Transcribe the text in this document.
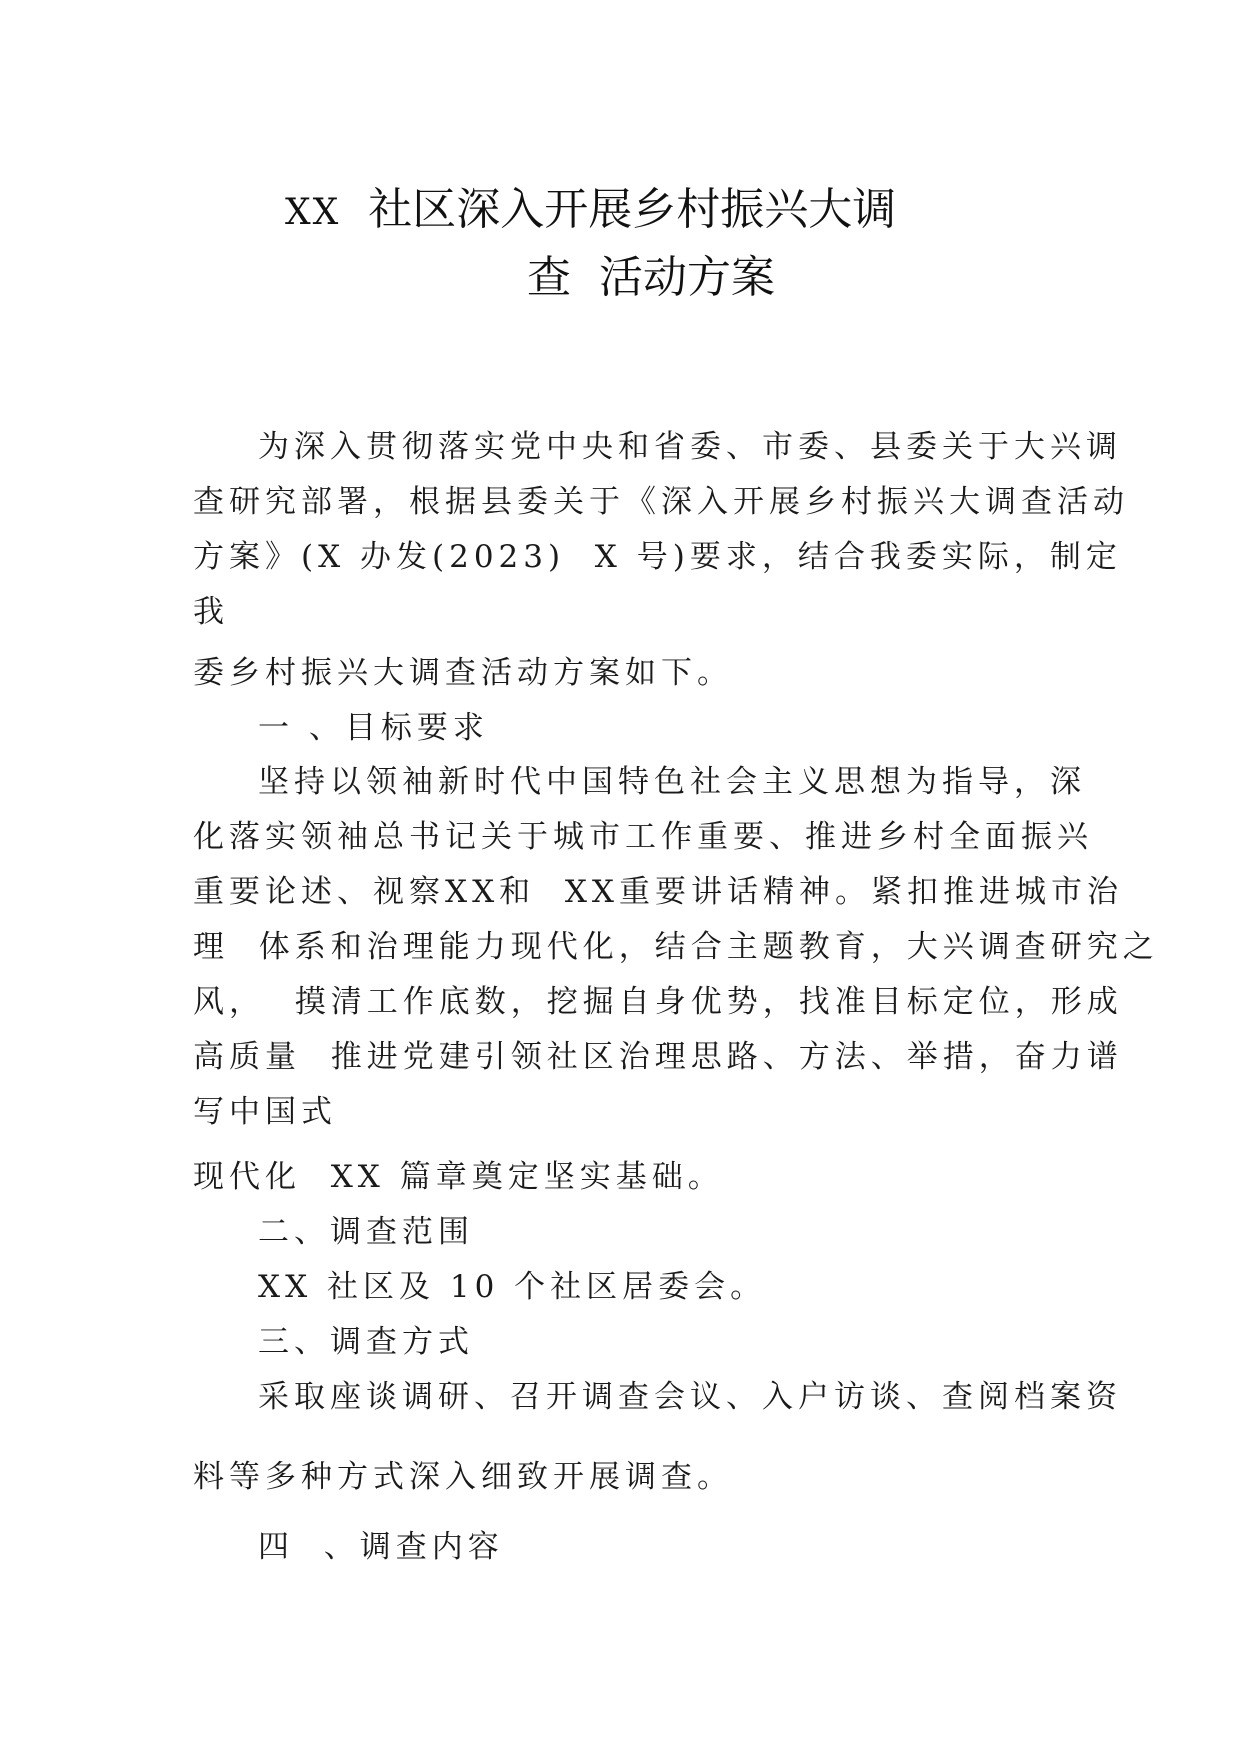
XX  社区深入开展乡村振兴大调
查  活动方案
为深入贯彻落实党中央和省委、市委、县委关于大兴调
查研究部署，根据县委关于《深入开展乡村振兴大调查活动
方案》(X 办发(2023)  X 号)要求，结合我委实际，制定
我
委乡村振兴大调查活动方案如下。
一 、目标要求
坚持以领袖新时代中国特色社会主义思想为指导，深
化落实领袖总书记关于城市工作重要、推进乡村全面振兴
重要论述、视察XX和  XX重要讲话精神。紧扣推进城市治
理  体系和治理能力现代化，结合主题教育，大兴调查研究之
风，  摸清工作底数，挖掘自身优势，找准目标定位，形成
高质量  推进党建引领社区治理思路、方法、举措，奋力谱
写中国式
现代化  XX 篇章奠定坚实基础。
二、调查范围
XX 社区及 10 个社区居委会。
三、调查方式
采取座谈调研、召开调查会议、入户访谈、查阅档案资
料等多种方式深入细致开展调查。
四  、调查内容
